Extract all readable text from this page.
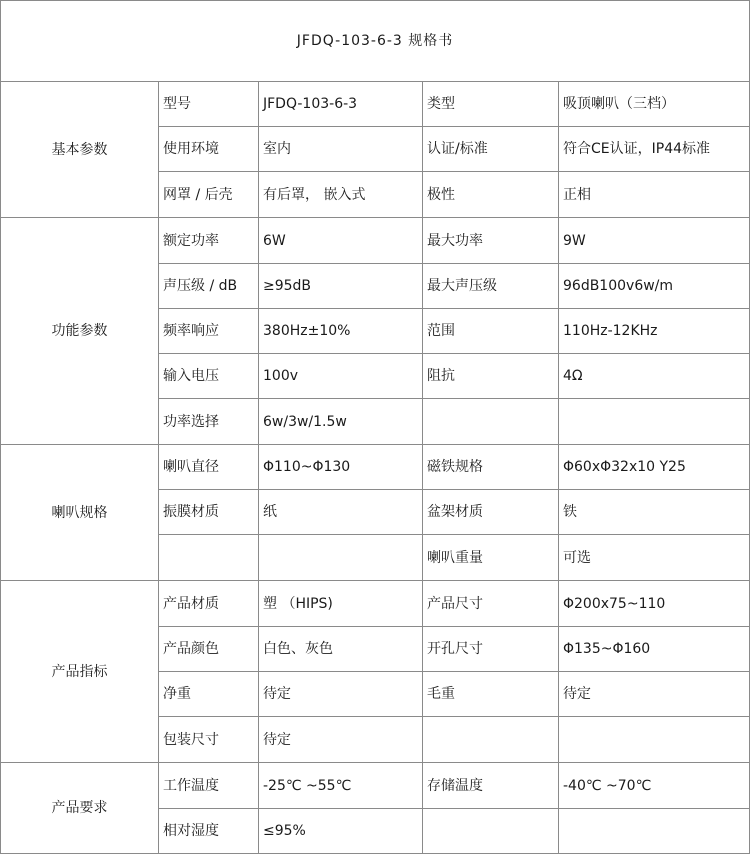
JFDQ-103-6-3 规格书				
基本参数	型号	JFDQ-103-6-3	类型	吸顶喇叭（三档）
	使用环境	室内	认证/标准	符合CE认证，IP44标准
	网罩 / 后壳	有后罩， 嵌入式	极性	正相
功能参数	额定功率	6W	最大功率	9W
	声压级 / dB	≥95dB	最大声压级	96dB100v6w/m
	频率响应	380Hz±10%	范围	110Hz-12KHz
	输入电压	100v	阻抗	4Ω
	功率选择	6w/3w/1.5w		
喇叭规格	喇叭直径	Φ110~Φ130	磁铁规格	Φ60xΦ32x10 Y25
	振膜材质	纸	盆架材质	铁
			喇叭重量	可选
产品指标	产品材质	塑 （HIPS)	产品尺寸	Φ200x75~110
	产品颜色	白色、灰色	开孔尺寸	Φ135~Φ160
	净重	待定	毛重	待定
	包装尺寸	待定		
产品要求	工作温度	-25℃ ~55℃	存储温度	-40℃ ~70℃
	相对湿度	≤95%		
